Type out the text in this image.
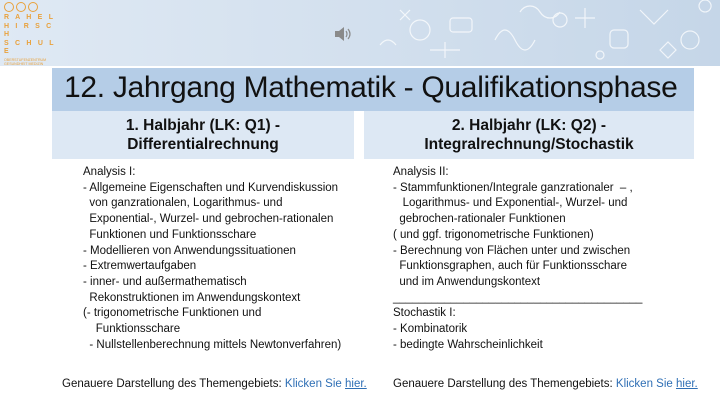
R A H E L
H I R S C H
S C H U L E
OBERSTUFENZENTRUM
GESUNDHEIT MEDIZIN
12. Jahrgang Mathematik - Qualifikationsphase
1. Halbjahr (LK: Q1) - Differentialrechnung
2. Halbjahr (LK: Q2) - Integralrechnung/Stochastik
Analysis I:
- Allgemeine Eigenschaften und Kurvendiskussion
von ganzrationalen, Logarithmus- und
Exponential-, Wurzel- und gebrochen-rationalen
Funktionen und Funktionsschare
- Modellieren von Anwendungssituationen
- Extremwertaufgaben
- inner- und außermathematisch
Rekonstruktionen im Anwendungskontext
(- trigonometrische Funktionen und
Funktionsschare
- Nullstellenberechnung mittels Newtonverfahren)
Analysis II:
- Stammfunktionen/Integrale ganzrationaler  – ,
Logarithmus- und Exponential-, Wurzel- und
gebrochen-rationaler Funktionen
( und ggf. trigonometrische Funktionen)
- Berechnung von Flächen unter und zwischen
Funktionsgraphen, auch für Funktionsschare
und im Anwendungskontext
_______________________________________
Stochastik I:
- Kombinatorik
- bedingte Wahrscheinlichkeit
Genauere Darstellung des Themengebiets: Klicken Sie hier. Genauere Darstellung des Themengebiets: Klicken Sie hier.
